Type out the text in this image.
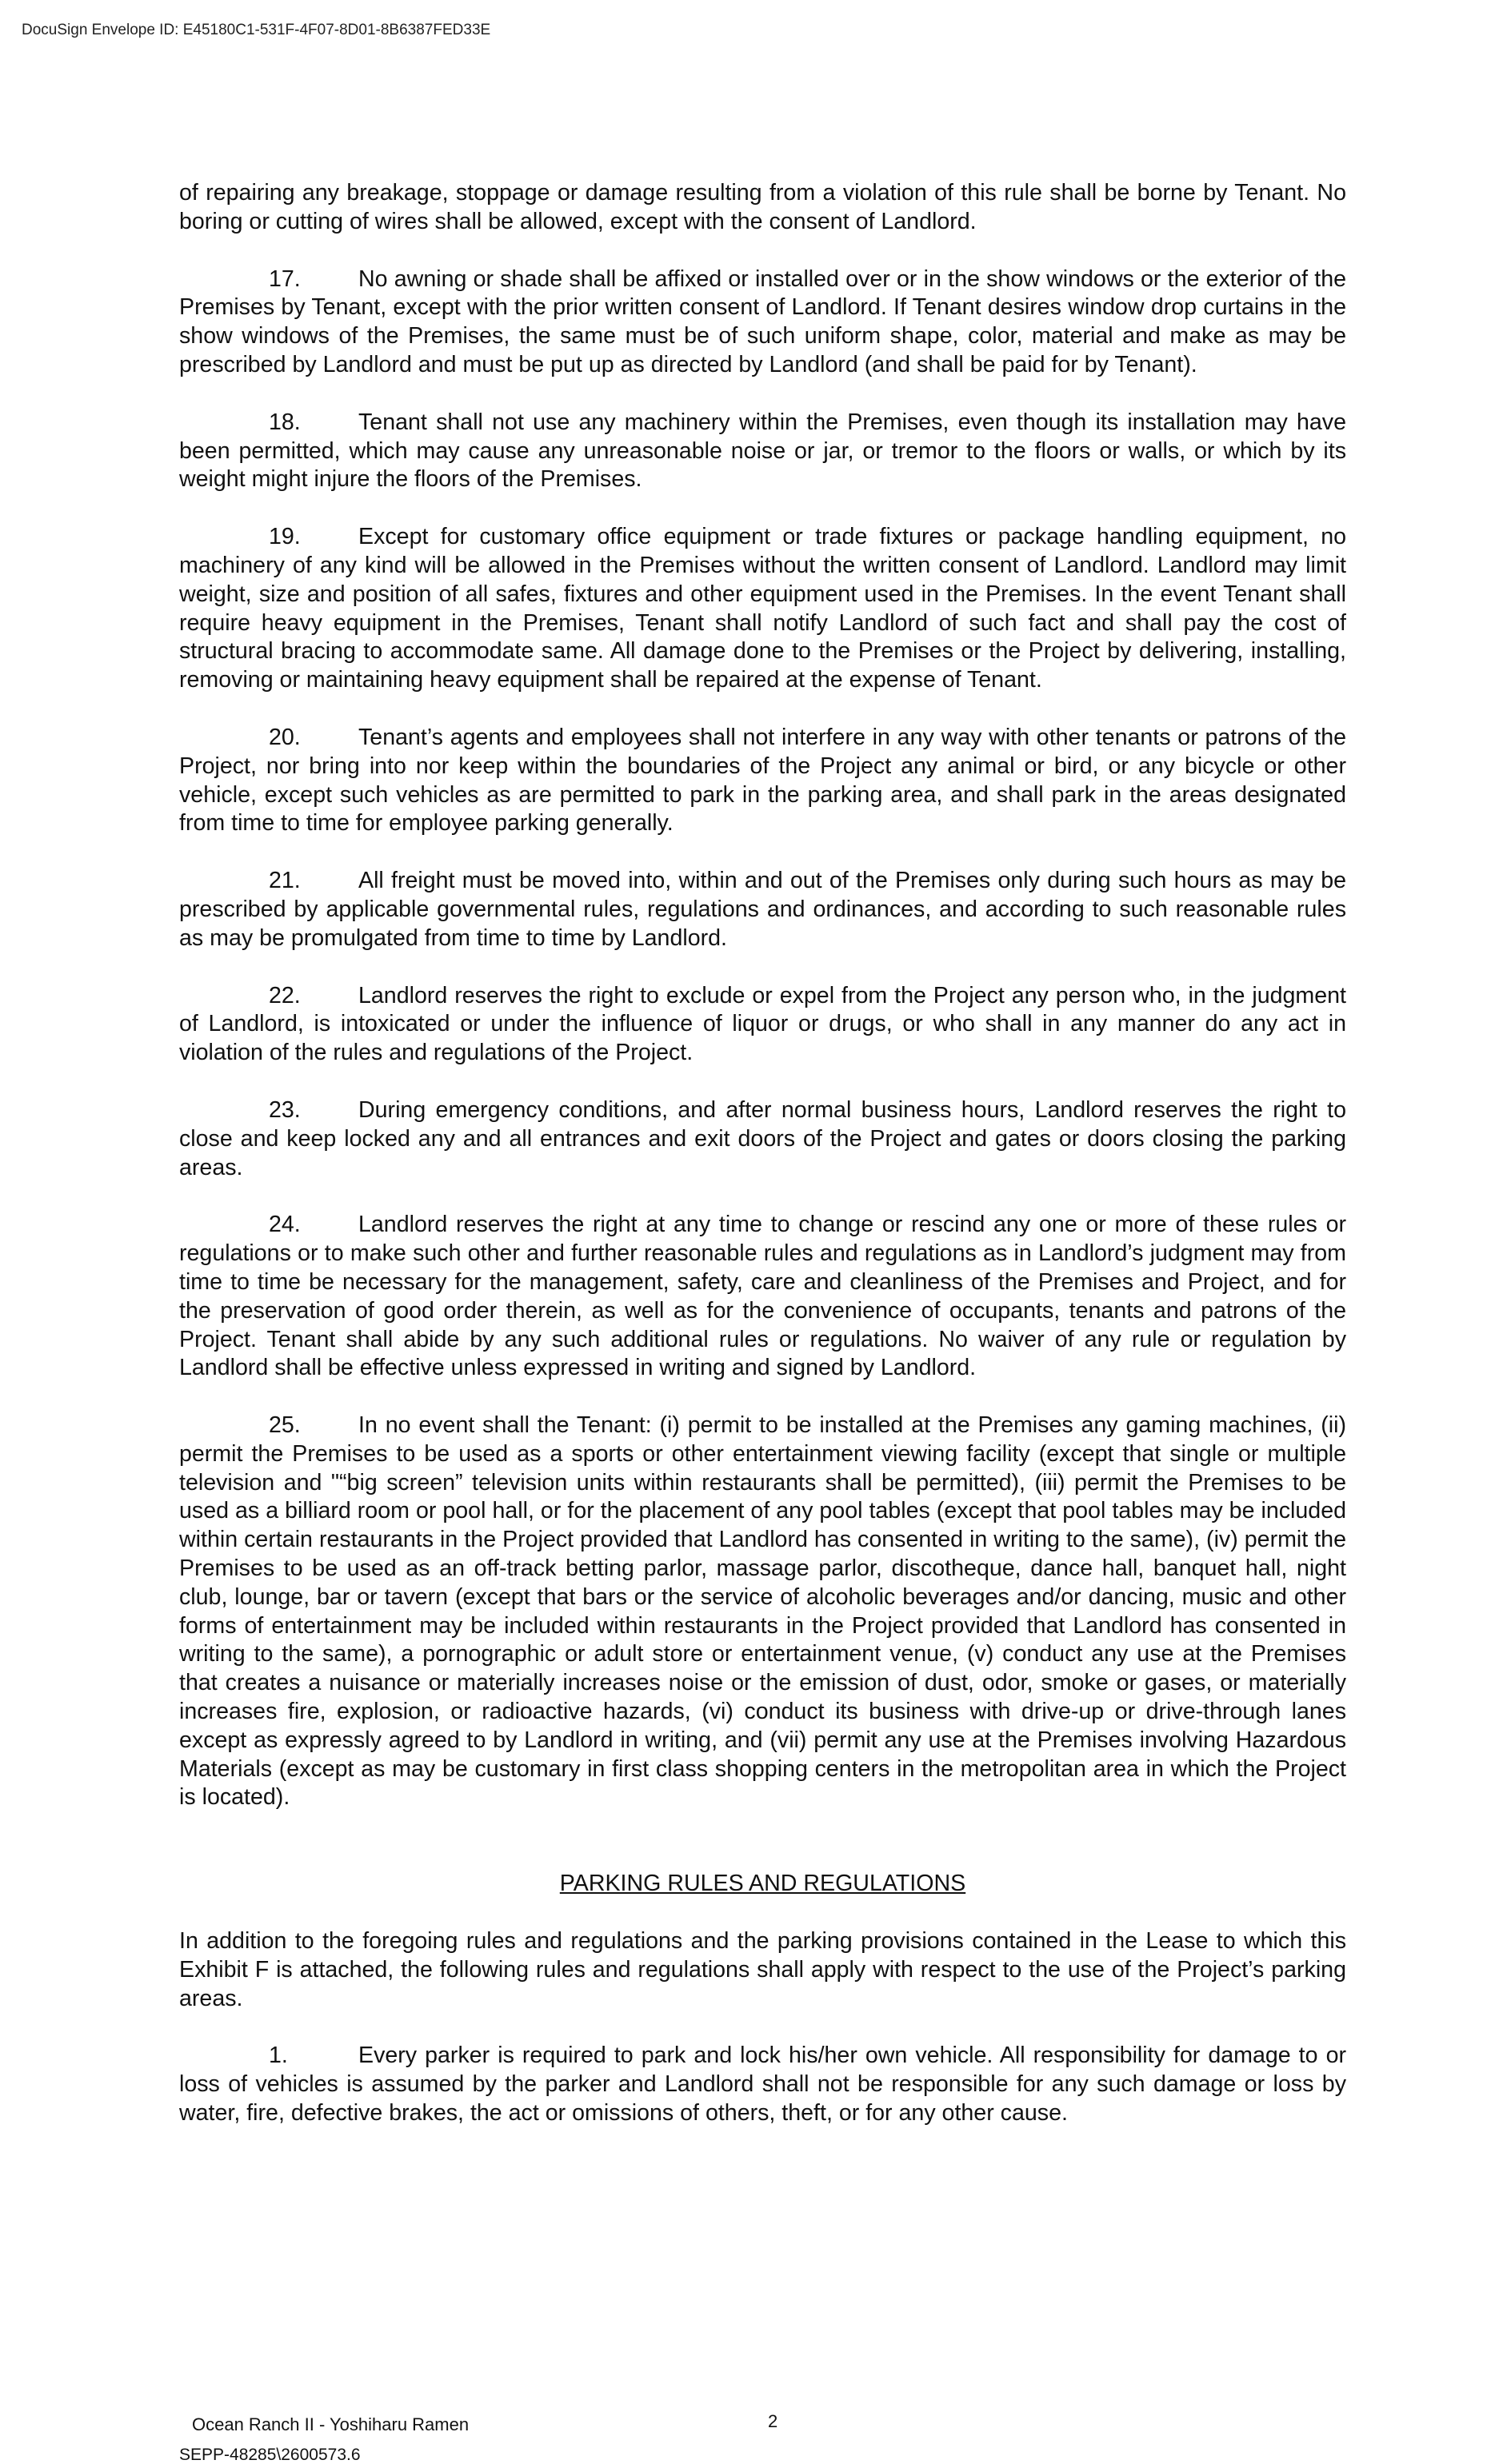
DocuSign Envelope ID: E45180C1-531F-4F07-8D01-8B6387FED33E

of repairing any breakage, stoppage or damage resulting from a violation of this rule shall be borne by Tenant. No boring or cutting of wires shall be allowed, except with the consent of Landlord.

17.	No awning or shade shall be affixed or installed over or in the show windows or the exterior of the Premises by Tenant, except with the prior written consent of Landlord. If Tenant desires window drop curtains in the show windows of the Premises, the same must be of such uniform shape, color, material and make as may be prescribed by Landlord and must be put up as directed by Landlord (and shall be paid for by Tenant).

18.	Tenant shall not use any machinery within the Premises, even though its installation may have been permitted, which may cause any unreasonable noise or jar, or tremor to the floors or walls, or which by its weight might injure the floors of the Premises.

19.	Except for customary office equipment or trade fixtures or package handling equipment, no machinery of any kind will be allowed in the Premises without the written consent of Landlord. Landlord may limit weight, size and position of all safes, fixtures and other equipment used in the Premises. In the event Tenant shall require heavy equipment in the Premises, Tenant shall notify Landlord of such fact and shall pay the cost of structural bracing to accommodate same. All damage done to the Premises or the Project by delivering, installing, removing or maintaining heavy equipment shall be repaired at the expense of Tenant.

20.	Tenant’s agents and employees shall not interfere in any way with other tenants or patrons of the Project, nor bring into nor keep within the boundaries of the Project any animal or bird, or any bicycle or other vehicle, except such vehicles as are permitted to park in the parking area, and shall park in the areas designated from time to time for employee parking generally.

21.	All freight must be moved into, within and out of the Premises only during such hours as may be prescribed by applicable governmental rules, regulations and ordinances, and according to such reasonable rules as may be promulgated from time to time by Landlord.

22.	Landlord reserves the right to exclude or expel from the Project any person who, in the judgment of Landlord, is intoxicated or under the influence of liquor or drugs, or who shall in any manner do any act in violation of the rules and regulations of the Project.

23.	During emergency conditions, and after normal business hours, Landlord reserves the right to close and keep locked any and all entrances and exit doors of the Project and gates or doors closing the parking areas.

24.	Landlord reserves the right at any time to change or rescind any one or more of these rules or regulations or to make such other and further reasonable rules and regulations as in Landlord’s judgment may from time to time be necessary for the management, safety, care and cleanliness of the Premises and Project, and for the preservation of good order therein, as well as for the convenience of occupants, tenants and patrons of the Project. Tenant shall abide by any such additional rules or regulations. No waiver of any rule or regulation by Landlord shall be effective unless expressed in writing and signed by Landlord.

25.	In no event shall the Tenant: (i) permit to be installed at the Premises any gaming machines, (ii) permit the Premises to be used as a sports or other entertainment viewing facility (except that single or multiple television and "“big screen” television units within restaurants shall be permitted), (iii) permit the Premises to be used as a billiard room or pool hall, or for the placement of any pool tables (except that pool tables may be included within certain restaurants in the Project provided that Landlord has consented in writing to the same), (iv) permit the Premises to be used as an off-track betting parlor, massage parlor, discotheque, dance hall, banquet hall, night club, lounge, bar or tavern (except that bars or the service of alcoholic beverages and/or dancing, music and other forms of entertainment may be included within restaurants in the Project provided that Landlord has consented in writing to the same), a pornographic or adult store or entertainment venue, (v) conduct any use at the Premises that creates a nuisance or materially increases noise or the emission of dust, odor, smoke or gases, or materially increases fire, explosion, or radioactive hazards, (vi) conduct its business with drive-up or drive-through lanes except as expressly agreed to by Landlord in writing, and (vii) permit any use at the Premises involving Hazardous Materials (except as may be customary in first class shopping centers in the metropolitan area in which the Project is located).

PARKING RULES AND REGULATIONS

In addition to the foregoing rules and regulations and the parking provisions contained in the Lease to which this Exhibit F is attached, the following rules and regulations shall apply with respect to the use of the Project’s parking areas.

1.	Every parker is required to park and lock his/her own vehicle. All responsibility for damage to or loss of vehicles is assumed by the parker and Landlord shall not be responsible for any such damage or loss by water, fire, defective brakes, the act or omissions of others, theft, or for any other cause.

Ocean Ranch II - Yoshiharu Ramen	2
SEPP-48285\2600573.6
